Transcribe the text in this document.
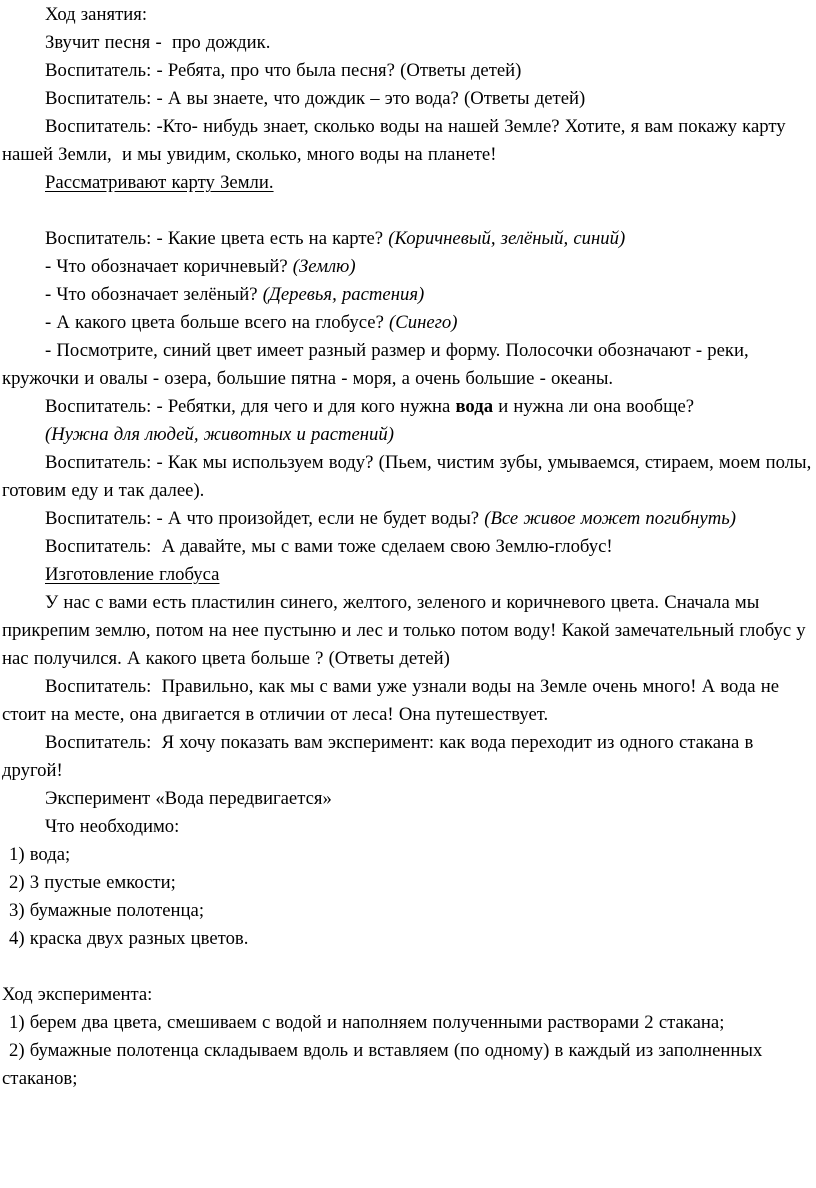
Ход занятия:

Звучит песня -  про дождик.

Воспитатель: - Ребята, про что была песня? (Ответы детей)

Воспитатель: - А вы знаете, что дождик – это вода? (Ответы детей)

Воспитатель: -Кто- нибудь знает, сколько воды на нашей Земле? Хотите, я вам покажу карту нашей Земли,  и мы увидим, сколько, много воды на планете!

Рассматривают карту Земли.

Воспитатель: - Какие цвета есть на карте? (Коричневый, зелёный, синий)

- Что обозначает коричневый? (Землю)

- Что обозначает зелёный? (Деревья, растения)

- А какого цвета больше всего на глобусе? (Синего)

- Посмотрите, синий цвет имеет разный размер и форму. Полосочки обозначают - реки, кружочки и овалы - озера, большие пятна - моря, а очень большие - океаны.

Воспитатель: - Ребятки, для чего и для кого нужна вода и нужна ли она вообще?

(Нужна для людей, животных и растений)

Воспитатель: - Как мы используем воду? (Пьем, чистим зубы, умываемся, стираем, моем полы, готовим еду и так далее).

Воспитатель: - А что произойдет, если не будет воды? (Все живое может погибнуть)

Воспитатель:  А давайте, мы с вами тоже сделаем свою Землю-глобус!

Изготовление глобуса

У нас с вами есть пластилин синего, желтого, зеленого и коричневого цвета. Сначала мы прикрепим землю, потом на нее пустыню и лес и только потом воду! Какой замечательный глобус у нас получился. А какого цвета больше ? (Ответы детей)

Воспитатель:  Правильно, как мы с вами уже узнали воды на Земле очень много! А вода не стоит на месте, она двигается в отличии от леса! Она путешествует.

Воспитатель:  Я хочу показать вам эксперимент: как вода переходит из одного стакана в другой!

Эксперимент «Вода передвигается»

Что необходимо:

1) вода;

2) 3 пустые емкости;

3) бумажные полотенца;

4) краска двух разных цветов.

Ход эксперимента:

1) берем два цвета, смешиваем с водой и наполняем полученными растворами 2 стакана;

2) бумажные полотенца складываем вдоль и вставляем (по одному) в каждый из заполненных стаканов;
